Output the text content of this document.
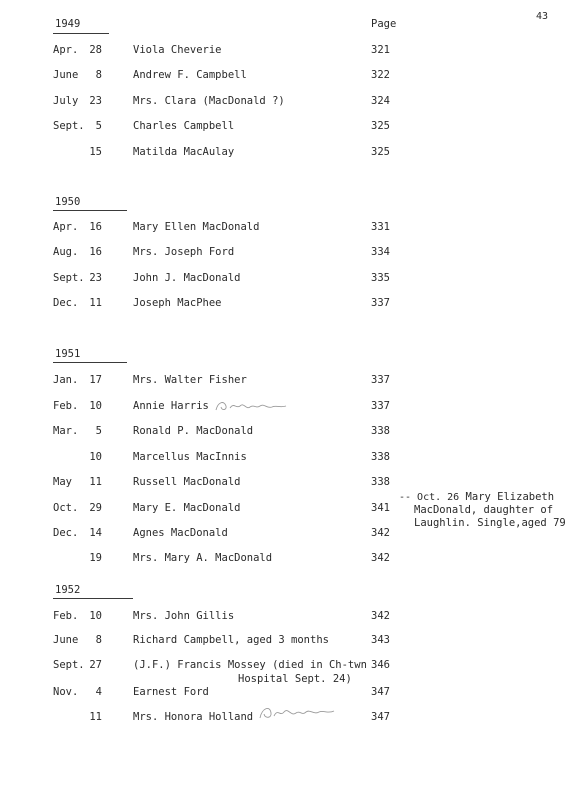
43
Page
1949
Apr.	28	Viola Cheverie	321
June	8	Andrew F. Campbell	322
July	23	Mrs. Clara (MacDonald ?)	324
Sept.	5	Charles Campbell	325
15	Matilda MacAulay	325
1950
Apr.	16	Mary Ellen MacDonald	331
Aug.	16	Mrs. Joseph Ford	334
Sept. 23	John J. MacDonald	335
Dec.	11	Joseph MacPhee	337
1951
Jan.	17	Mrs. Walter Fisher	337
Feb.	10	Annie Harris	337
Mar.	5	Ronald P. MacDonald	338
10	Marcellus MacInnis	338
May	11	Russell MacDonald	338
Oct.	29	Mary E. MacDonald	341
Dec.	14	Agnes MacDonald	342
19	Mrs. Mary A. MacDonald	342
-- Oct. 26 Mary Elizabeth
MacDonald, daughter of
Laughlin. Single,aged 79
1952
Feb.	10	Mrs. John Gillis	342
June	8	Richard Campbell, aged 3 months	343
Sept. 27	(J.F.) Francis Mossey (died in Ch-twn 346
Hospital Sept. 24)
Nov.	4	Earnest Ford	347
11	Mrs. Honora Holland	347
